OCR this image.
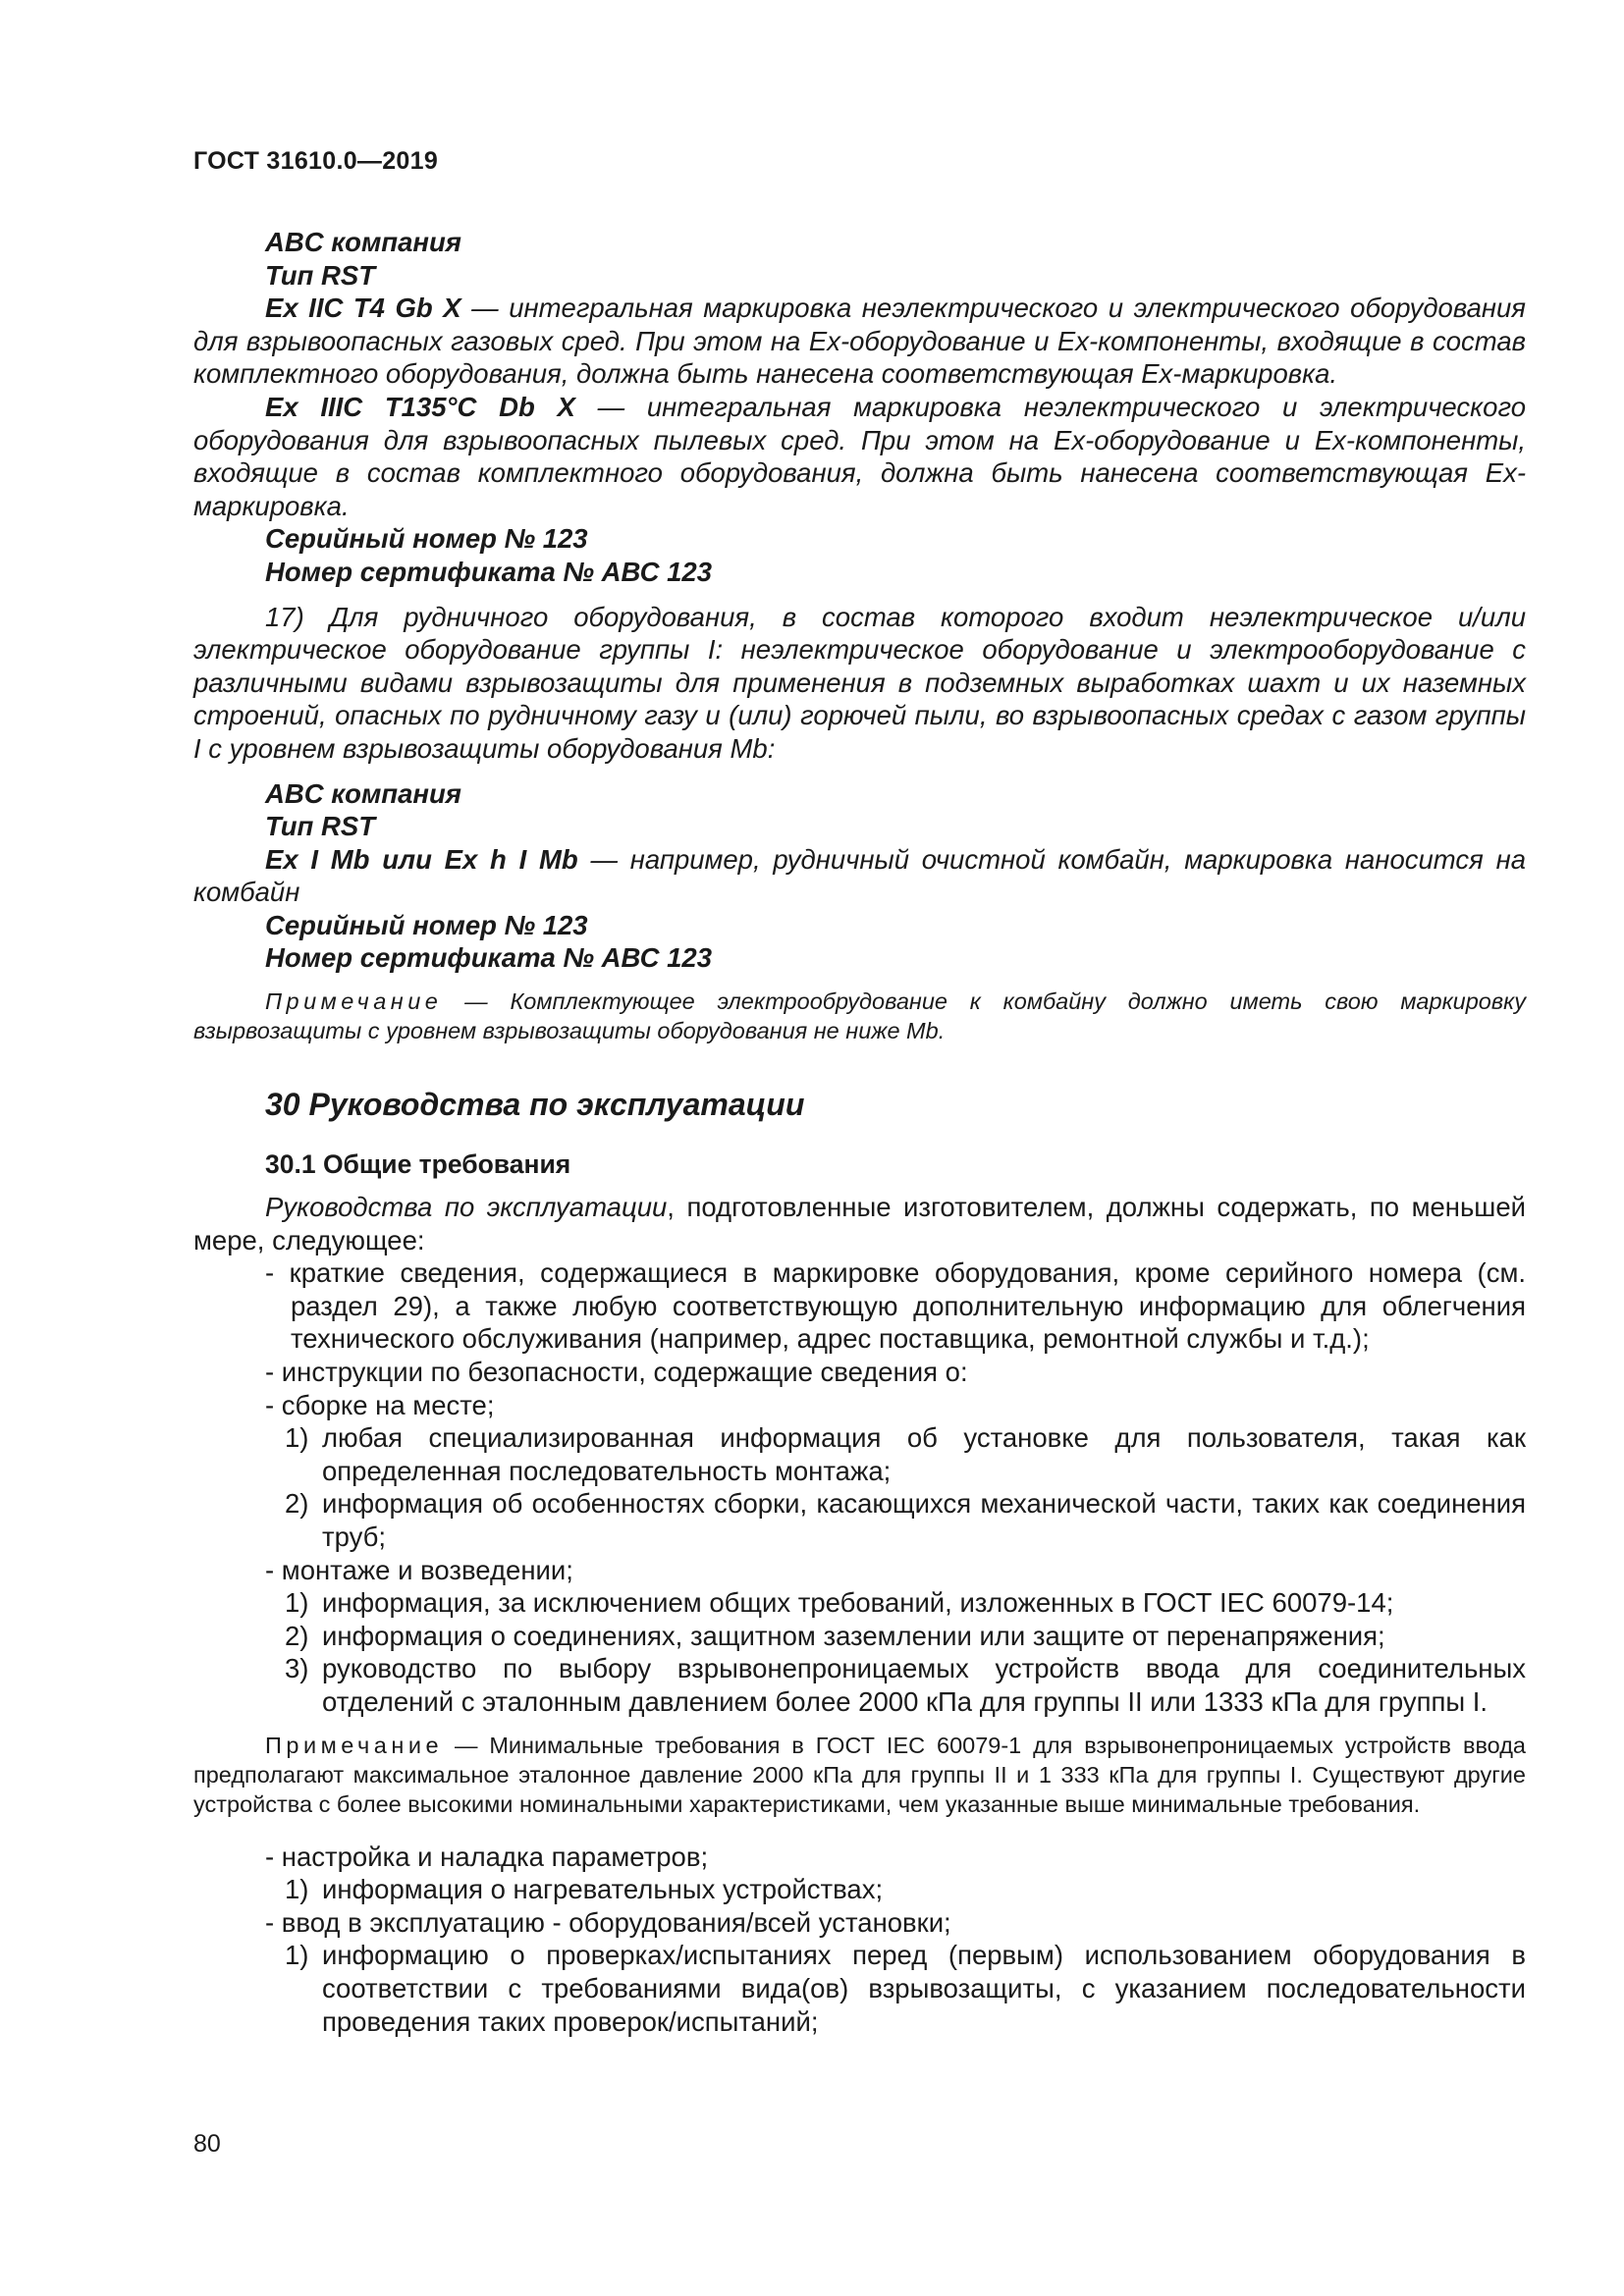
ГОСТ 31610.0—2019

ABC компания

Тип RST

Ex IIC T4 Gb X — интегральная маркировка неэлектрического и электрического оборудования для взрывоопасных газовых сред. При этом на Ex-оборудование и Ex-компоненты, входящие в состав комплектного оборудования, должна быть нанесена соответствующая Ex-маркировка.

Ex IIIC T135°C Db X — интегральная маркировка неэлектрического и электрического оборудования для взрывоопасных пылевых сред. При этом на Ex-оборудование и Ex-компоненты, входящие в состав комплектного оборудования, должна быть нанесена соответствующая Ex-маркировка.

Серийный номер № 123

Номер сертификата № АВС 123

17) Для рудничного оборудования, в состав которого входит неэлектрическое и/или электрическое оборудование группы I: неэлектрическое оборудование и электрооборудование с различными видами взрывозащиты для применения в подземных выработках шахт и их наземных строений, опасных по рудничному газу и (или) горючей пыли, во взрывоопасных средах с газом группы I с уровнем взрывозащиты оборудования Mb:

ABC компания

Тип RST

Ex I Mb или Ex h I Mb — например, рудничный очистной комбайн, маркировка наносится на комбайн

Серийный номер № 123

Номер сертификата № АВС 123

Примечание — Комплектующее электрообрудование к комбайну должно иметь свою маркировку взырвозащиты с уровнем взрывозащиты оборудования не ниже Mb.

30 Руководства по эксплуатации
30.1 Общие требования

Руководства по эксплуатации, подготовленные изготовителем, должны содержать, по меньшей мере, следующее:

- краткие сведения, содержащиеся в маркировке оборудования, кроме серийного номера (см. раздел 29), а также любую соответствующую дополнительную информацию для облегчения технического обслуживания (например, адрес поставщика, ремонтной службы и т.д.);

- инструкции по безопасности, содержащие сведения о:

- сборке на месте;

1) любая специализированная информация об установке для пользователя, такая как определенная последовательность монтажа;
2) информация об особенностях сборки, касающихся механической части, таких как соединения труб;

- монтаже и возведении;

1) информация, за исключением общих требований, изложенных в ГОСТ IEC 60079-14;
2) информация о соединениях, защитном заземлении или защите от перенапряжения;
3) руководство по выбору взрывонепроницаемых устройств ввода для соединительных отделений с эталонным давлением более 2000 кПа для группы II или 1333 кПа для группы I.

Примечание — Минимальные требования в ГОСТ IEC 60079-1 для взрывонепроницаемых устройств ввода предполагают максимальное эталонное давление 2000 кПа для группы II и 1 333 кПа для группы I. Существуют другие устройства с более высокими номинальными характеристиками, чем указанные выше минимальные требования.

- настройка и наладка параметров;

1) информация о нагревательных устройствах;

- ввод в эксплуатацию - оборудования/всей установки;

1) информацию о проверках/испытаниях перед (первым) использованием оборудования в соответствии с требованиями вида(ов) взрывозащиты, с указанием последовательности проведения таких проверок/испытаний;
80
